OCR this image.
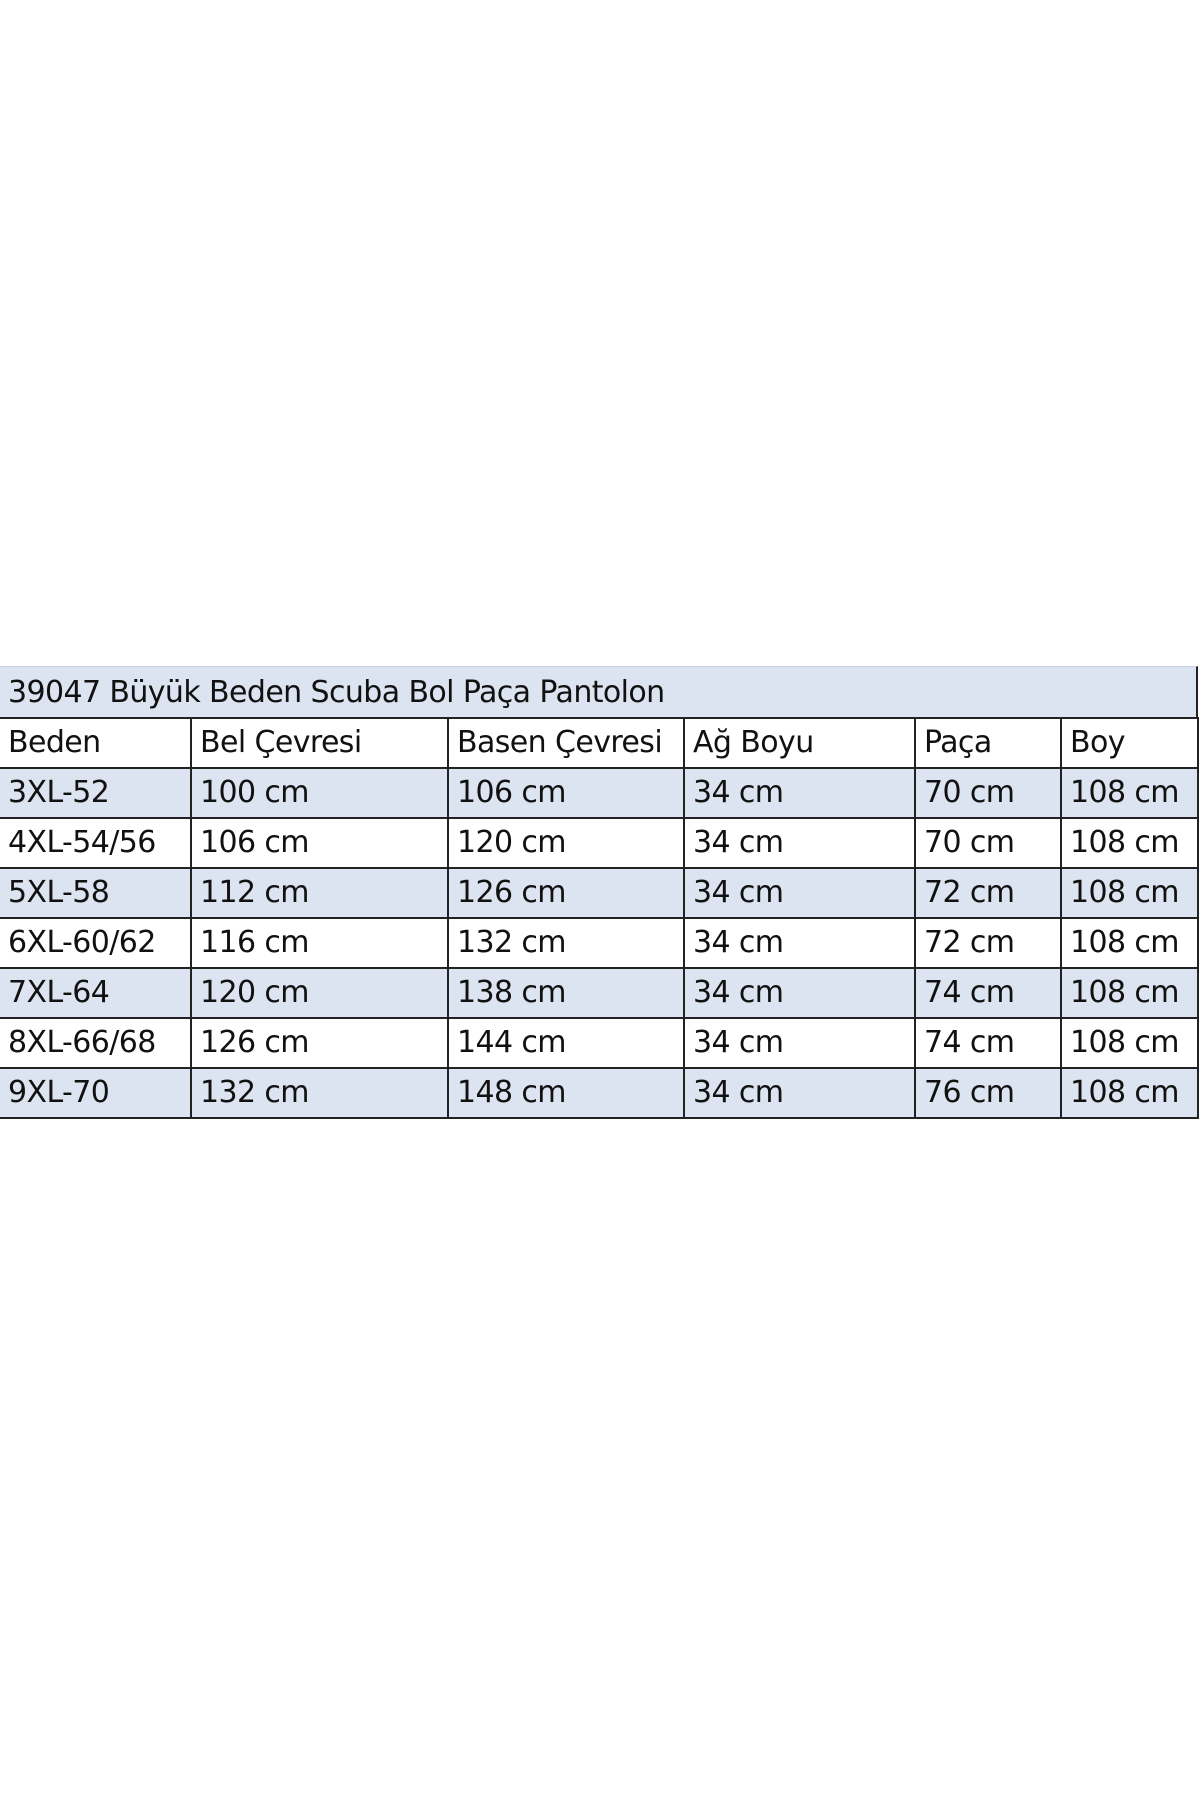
39047 Büyük Beden Scuba Bol Paça Pantolon
Beden	Bel Çevresi	Basen Çevresi	Ağ Boyu	Paça	Boy
3XL-52	100 cm	106 cm	34 cm	70 cm	108 cm
4XL-54/56	106 cm	120 cm	34 cm	70 cm	108 cm
5XL-58	112 cm	126 cm	34 cm	72 cm	108 cm
6XL-60/62	116 cm	132 cm	34 cm	72 cm	108 cm
7XL-64	120 cm	138 cm	34 cm	74 cm	108 cm
8XL-66/68	126 cm	144 cm	34 cm	74 cm	108 cm
9XL-70	132 cm	148 cm	34 cm	76 cm	108 cm
